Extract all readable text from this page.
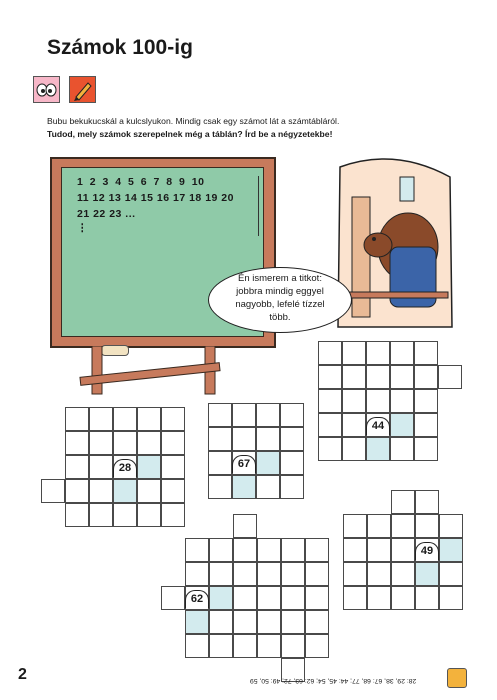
Számok 100-ig
Bubu bekukucskál a kulcslyukon. Mindig csak egy számot lát a számtábláról.
Tudod, mely számok szerepelnek még a táblán? Írd be a négyzetekbe!
1 2 3 4 5 6 7 8 9 10
11 12 13 14 15 16 17 18 19 20
21 22 23 ...
⋮
Én ismerem a titkot:
jobbra mindig eggyel
nagyobb, lefelé tízzel
több.
28	67
44
49
62
2	28: 29, 38, 67: 68, 77; 44: 45, 54; 62: 63, 72; 49: 50, 59
